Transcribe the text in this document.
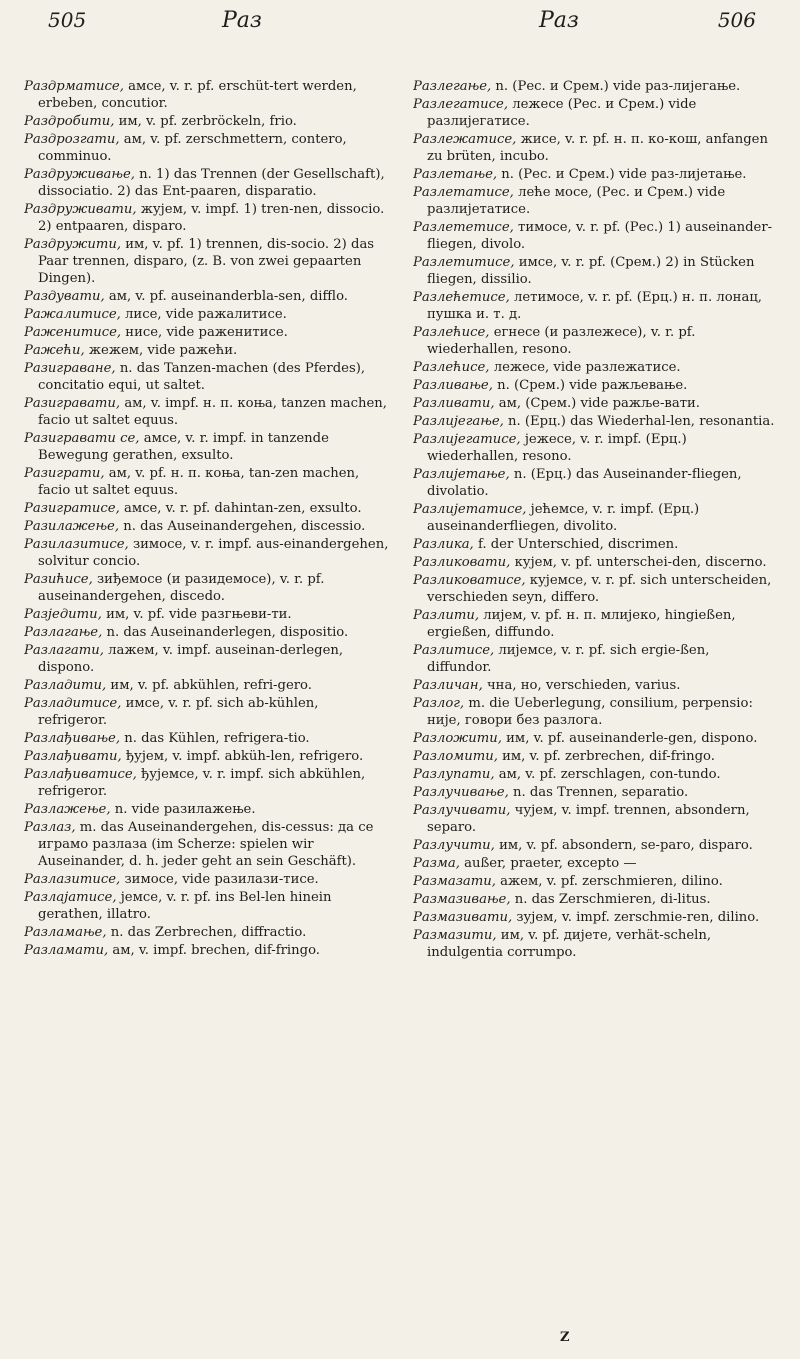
505	Раз	Раз	506

Раздрматисе, амсе, v. r. pf. erschüt-tert werden, erbeben, concutior.

Раздробити, им, v. pf. zerbröckeln, frio.

Раздрозгати, ам, v. pf. zerschmettern, contero, comminuo.

Раздруживање, n. 1) das Trennen (der Gesellschaft), dissociatio. 2) das Ent-paaren, disparatio.

Раздруживати, жујем, v. impf. 1) tren-nen, dissocio. 2) entpaaren, disparo.

Раздружити, им, v. pf. 1) trennen, dis-socio. 2) das Paar trennen, disparo, (z. B. von zwei gepaarten Dingen).

Раздувати, ам, v. pf. auseinanderbla-sen, difflo.

Ражалитисе, лисе, vide ражалитисе.

Раженитисе, нисе, vide раженитисе.

Ражећи, жежем, vide ражећи.

Разиграване, n. das Tanzen-machen (des Pferdes), concitatio equi, ut saltet.

Разигравати, ам, v. impf. н. п. коња, tanzen machen, facio ut saltet equus.

Разигравати се, амсе, v. r. impf. in tanzende Bewegung gerathen, exsulto.

Разиграти, ам, v. pf. н. п. коња, tan-zen machen, facio ut saltet equus.

Разигратисе, амсе, v. r. pf. dahintan-zen, exsulto.

Разилажење, n. das Auseinandergehen, discessio.

Разилазитисе, зимосе, v. r. impf. aus-einandergehen, solvitur concio.

Разићисе, зиђемосе (и разидемосе), v. r. pf. auseinandergehen, discedo.

Разједити, им, v. pf. vide разгњеви-ти.

Разлагање, n. das Auseinanderlegen, dispositio.

Разлагати, лажем, v. impf. auseinan-derlegen, dispono.

Разладити, им, v. pf. abkühlen, refri-gero.

Разладитисе, имсе, v. r. pf. sich ab-kühlen, refrigeror.

Разлађивање, n. das Kühlen, refrigera-tio.

Разлађивати, ђујем, v. impf. abküh-len, refrigero.

Разлађиватисе, ђујемсе, v. r. impf. sich abkühlen, refrigeror.

Разлажење, n. vide разилажење.

Разлаз, m. das Auseinandergehen, dis-cessus: да се играмо разлаза (im Scherze: spielen wir Auseinander, d. h. jeder geht an sein Geschäft).

Разлазитисе, зимосе, vide разилази-тисе.

Разлајатисе, јемсе, v. r. pf. ins Bel-len hinein gerathen, illatro.

Разламање, n. das Zerbrechen, diffractio.

Разламати, ам, v. impf. brechen, dif-fringo.

Разлегање, n. (Рес. и Срем.) vide раз-лијегање.

Разлегатисе, лежесе (Рес. и Срем.) vide разлијегатисе.

Разлежатисе, жисе, v. r. pf. н. п. ко-кош, anfangen zu brüten, incubo.

Разлетање, n. (Рес. и Срем.) vide раз-лијетање.

Разлетатисе, леће мосе, (Рес. и Срем.) vide разлијетатисе.

Разлететисе, тимосе, v. r. pf. (Рес.) 1) auseinander-fliegen, divolo.

Разлетитисе, имсе, v. r. pf. (Срем.) 2) in Stücken fliegen, dissilio.

Разлећетисе, летимосе, v. r. pf. (Ерц.) н. п. лонац, пушка и. т. д.

Разлећисе, егнесе (и разлежесе), v. r. pf. wiederhallen, resono.

Разлећисе, лежесе, vide разлежатисе.

Разливање, n. (Срем.) vide ражљевање.

Разливати, ам, (Срем.) vide ражље-вати.

Разлијегање, n. (Ерц.) das Wiederhal-len, resonantia.

Разлијегатисе, јежесе, v. r. impf. (Ерц.) wiederhallen, resono.

Разлијетање, n. (Ерц.) das Auseinander-fliegen, divolatio.

Разлијетатисе, јећемсе, v. r. impf. (Ерц.) auseinanderfliegen, divolito.

Разлика, f. der Unterschied, discrimen.

Разликовати, кујем, v. pf. unterschei-den, discerno.

Разликоватисе, кујемсе, v. r. pf. sich unterscheiden, verschieden seyn, differo.

Разлити, лијем, v. pf. н. п. млијеко, hingießen, ergießen, diffundo.

Разлитисе, лијемсе, v. r. pf. sich ergie-ßen, diffundor.

Различан, чна, но, verschieden, varius.

Разлог, m. die Ueberlegung, consilium, perpensio: није, говори без разлога.

Разложити, им, v. pf. auseinanderle-gen, dispono.

Разломити, им, v. pf. zerbrechen, dif-fringo.

Разлупати, ам, v. pf. zerschlagen, con-tundo.

Разлучивање, n. das Trennen, separatio.

Разлучивати, чујем, v. impf. trennen, absondern, separo.

Разлучити, им, v. pf. absondern, se-paro, disparo.

Разма, außer, praeter, excepto —

Размазати, ажем, v. pf. zerschmieren, dilino.

Размазивање, n. das Zerschmieren, di-litus.

Размазивати, зујем, v. impf. zerschmie-ren, dilino.

Размазити, им, v. pf. дијете, verhät-scheln, indulgentia corrumpo.

Z
